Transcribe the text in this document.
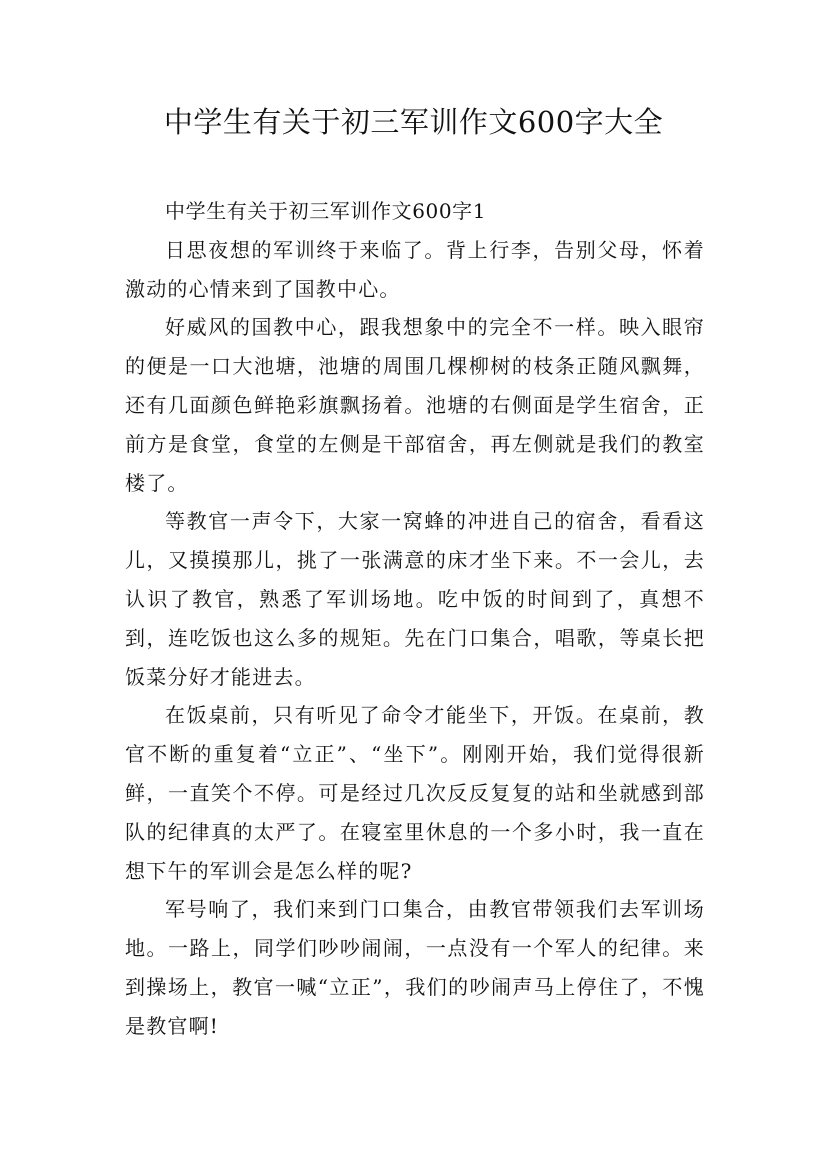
中学生有关于初三军训作文600字大全

中学生有关于初三军训作文600字1

日思夜想的军训终于来临了。背上行李，告别父母，怀着激动的心情来到了国教中心。

好威风的国教中心，跟我想象中的完全不一样。映入眼帘的便是一口大池塘，池塘的周围几棵柳树的枝条正随风飘舞，还有几面颜色鲜艳彩旗飘扬着。池塘的右侧面是学生宿舍，正前方是食堂，食堂的左侧是干部宿舍，再左侧就是我们的教室楼了。

等教官一声令下，大家一窝蜂的冲进自己的宿舍，看看这儿，又摸摸那儿，挑了一张满意的床才坐下来。不一会儿，去认识了教官，熟悉了军训场地。吃中饭的时间到了，真想不到，连吃饭也这么多的规矩。先在门口集合，唱歌，等桌长把饭菜分好才能进去。

在饭桌前，只有听见了命令才能坐下，开饭。在桌前，教官不断的重复着“立正”、“坐下”。刚刚开始，我们觉得很新鲜，一直笑个不停。可是经过几次反反复复的站和坐就感到部队的纪律真的太严了。在寝室里休息的一个多小时，我一直在想下午的军训会是怎么样的呢?

军号响了，我们来到门口集合，由教官带领我们去军训场地。一路上，同学们吵吵闹闹，一点没有一个军人的纪律。来到操场上，教官一喊“立正”，我们的吵闹声马上停住了，不愧是教官啊!
